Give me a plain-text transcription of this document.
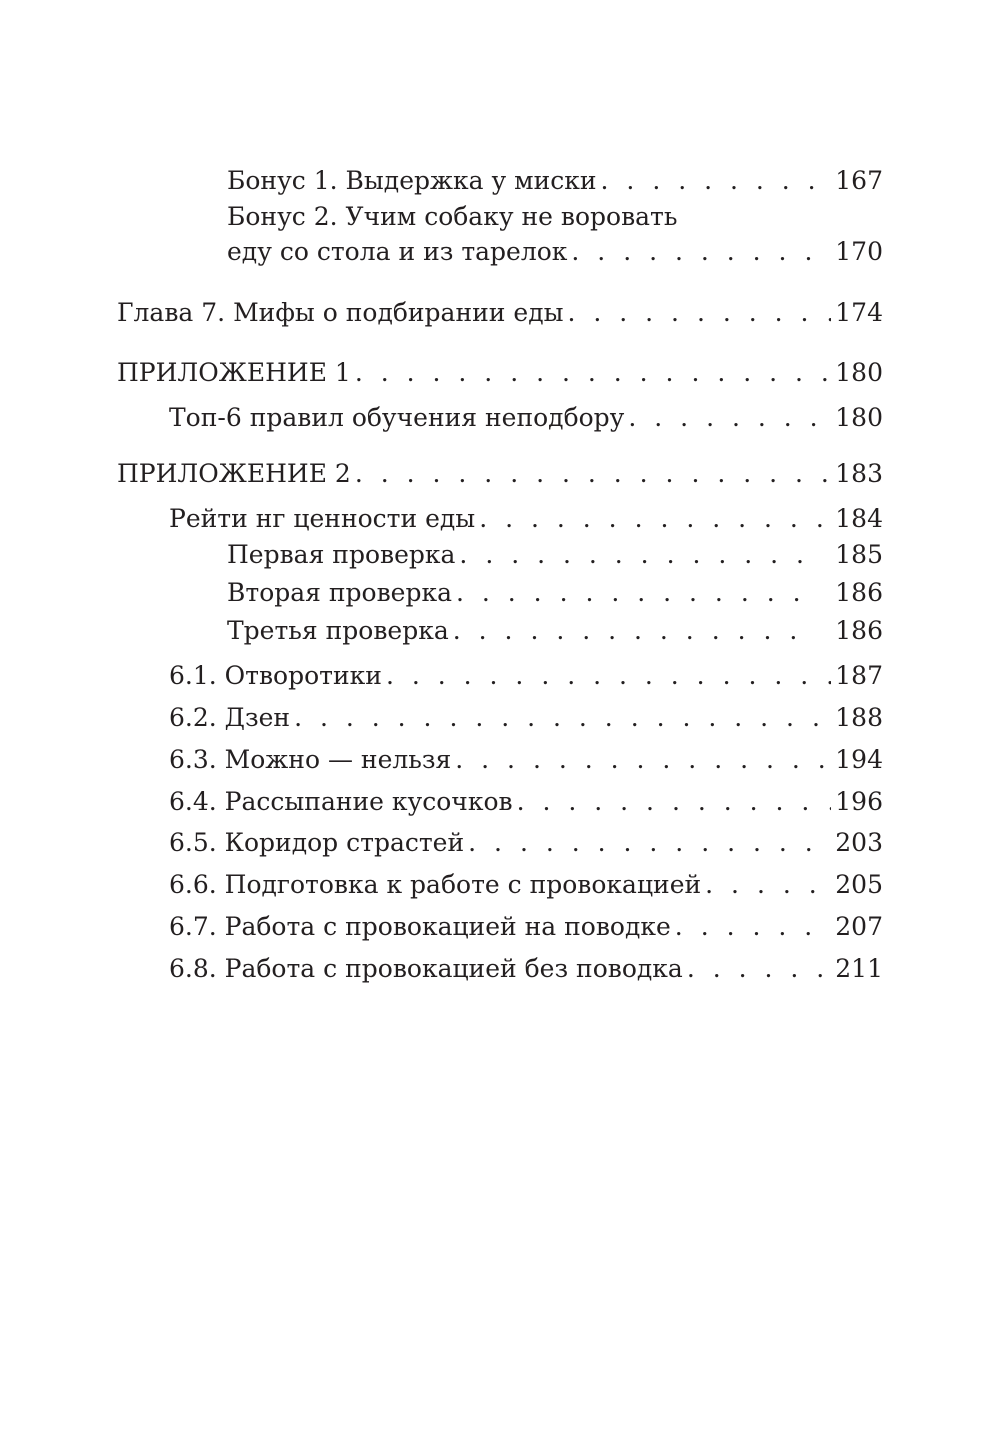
Бонус 1. Выдержка у миски . . .	167
Бонус 2. Учим собаку не воровать
еду со стола и из тарелок . . .	170
Глава 7. Мифы о подбирании еды . . .	174
ПРИЛОЖЕНИЕ 1 . . .	180
Топ-6 правил обучения неподбору . . .	180
ПРИЛОЖЕНИЕ 2 . . .	183
Рейти нг ценности еды . . .	184
Первая проверка . . .	185
Вторая проверка . . .	186
Третья проверка . . .	186
6.1. Отворотики . . .	187
6.2. Дзен . . .	188
6.3. Можно — нельзя . . .	194
6.4. Рассыпание кусочков . . .	196
6.5. Коридор страстей . . .	203
6.6. Подготовка к работе с провокацией . . .	205
6.7. Работа с провокацией на поводке . . .	207
6.8. Работа с провокацией без поводка . . .	211
